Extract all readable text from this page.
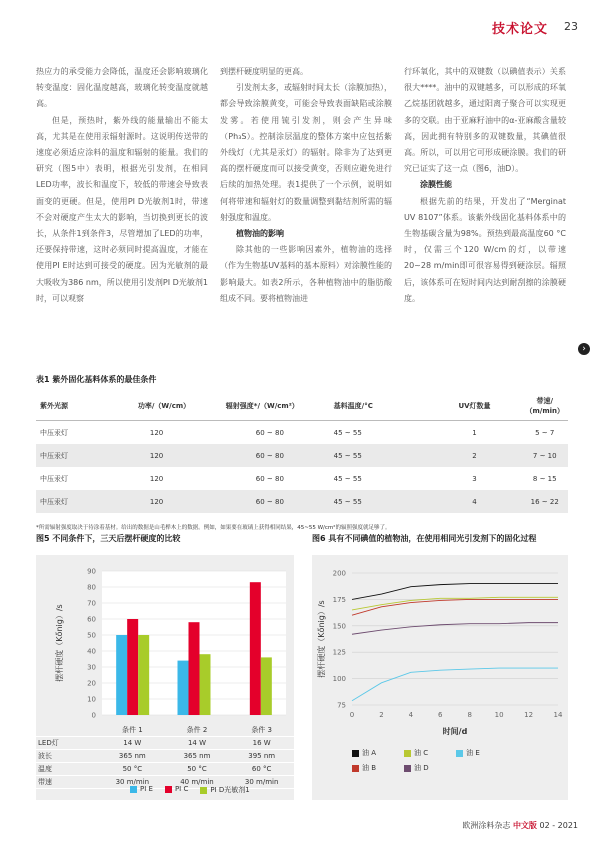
技术论文 23

热应力的承受能力会降低，温度还会影响玻璃化转变温度：固化温度越高，玻璃化转变温度就越高。

但是，预热时，紫外线的能量输出不能太高，尤其是在使用汞辐射源时。这说明传送带的速度必须适应涂料的温度和辐射的能量。我们的研究（图5中）表明，根据光引发剂，在相同LED功率，波长和温度下，较低的带速会导致表面变的更硬。但是，使用PI D光敏剂1时，带速不会对硬度产生太大的影响，当切换到更长的波长，从条件1到条件3，尽管增加了LED的功率，还要保持带速，这时必须同时提高温度，才能在使用PI E时达到可接受的硬度。因为光敏剂的最大吸收为386 nm，所以使用引发剂PI D光敏剂1时，可以观察

到摆杆硬度明显的更高。

引发剂太多，或辐射时间太长（涂膜加热），都会导致涂膜黄变，可能会导致表面缺陷或涂膜发雾。若使用锍引发剂，则会产生异味（Ph₃S）。控制涂层温度的整体方案中应包括紫外线灯（尤其是汞灯）的辐射。除非为了达到更高的摆杆硬度而可以接受黄变，否则应避免进行后续的加热处理。表1提供了一个示例，说明如何将带速和辐射灯的数量调整到黏结剂所需的辐射强度和温度。

植物油的影响

除其他的一些影响因素外，植物油的选择（作为生物基UV基料的基本原料）对涂膜性能的影响最大。如表2所示，各种植物油中的脂肪酸组成不同。要将植物油进

行环氧化，其中的双键数（以碘值表示）关系很大****。油中的双键越多，可以形成的环氧乙烷基团就越多，通过阳离子聚合可以实现更多的交联。由于亚麻籽油中的α-亚麻酸含量较高，因此拥有特别多的双键数量，其碘值很高。所以，可以用它可形成硬涂膜。我们的研究已证实了这一点（图6，油D）。

涂膜性能

根据先前的结果，开发出了“Merginat UV 8107”体系。该紫外线固化基料体系中的生物基碳含量为98%。预热到最高温度60 °C时，仅需三个120 W/cm的灯，以带速20~28 m/min即可很容易得到硬涂层。辐照后，该体系可在短时间内达到耐刮擦的涂膜硬度。

›
表1 紫外固化基料体系的最佳条件
紫外光源	功率/（W/cm）	辐射强度*/（W/cm²）	基料温度/°C	UV灯数量	带速/（m/min）
中压汞灯	120	60 ~ 80	45 ~ 55	1	5 ~ 7
中压汞灯	120	60 ~ 80	45 ~ 55	2	7 ~ 10
中压汞灯	120	60 ~ 80	45 ~ 55	3	8 ~ 15
中压汞灯	120	60 ~ 80	45 ~ 55	4	16 ~ 22
*所需辐射强度取决于待涂着基材。给出的数据是山毛榉木上的数据。例如，如果要在玻璃上获得相同结果，45~55 W/cm²的辐照强度就足够了。
图5 不同条件下，三天后摆杆硬度的比较
0
10
20
30
40
50
60
70
80
90
摆杆硬度（Kőnig）/s
	条件 1	条件 2	条件 3
LED灯	14 W	14 W	16 W
波长	365 nm	365 nm	395 nm
温度	50 °C	50 °C	60 °C
带速	30 m/min	40 m/min	30 m/min
PI E	PI C	PI D光敏剂1
图6 具有不同碘值的植物油，在使用相同光引发剂下的固化过程
75
100
125
150
175
200
0	2	4	6	8	10	12	14
时间/d
摆杆硬度（Kőnig）/s
油 A	油 C	油 E
油 B	油 D
欧洲涂料杂志 中文版 02 - 2021
